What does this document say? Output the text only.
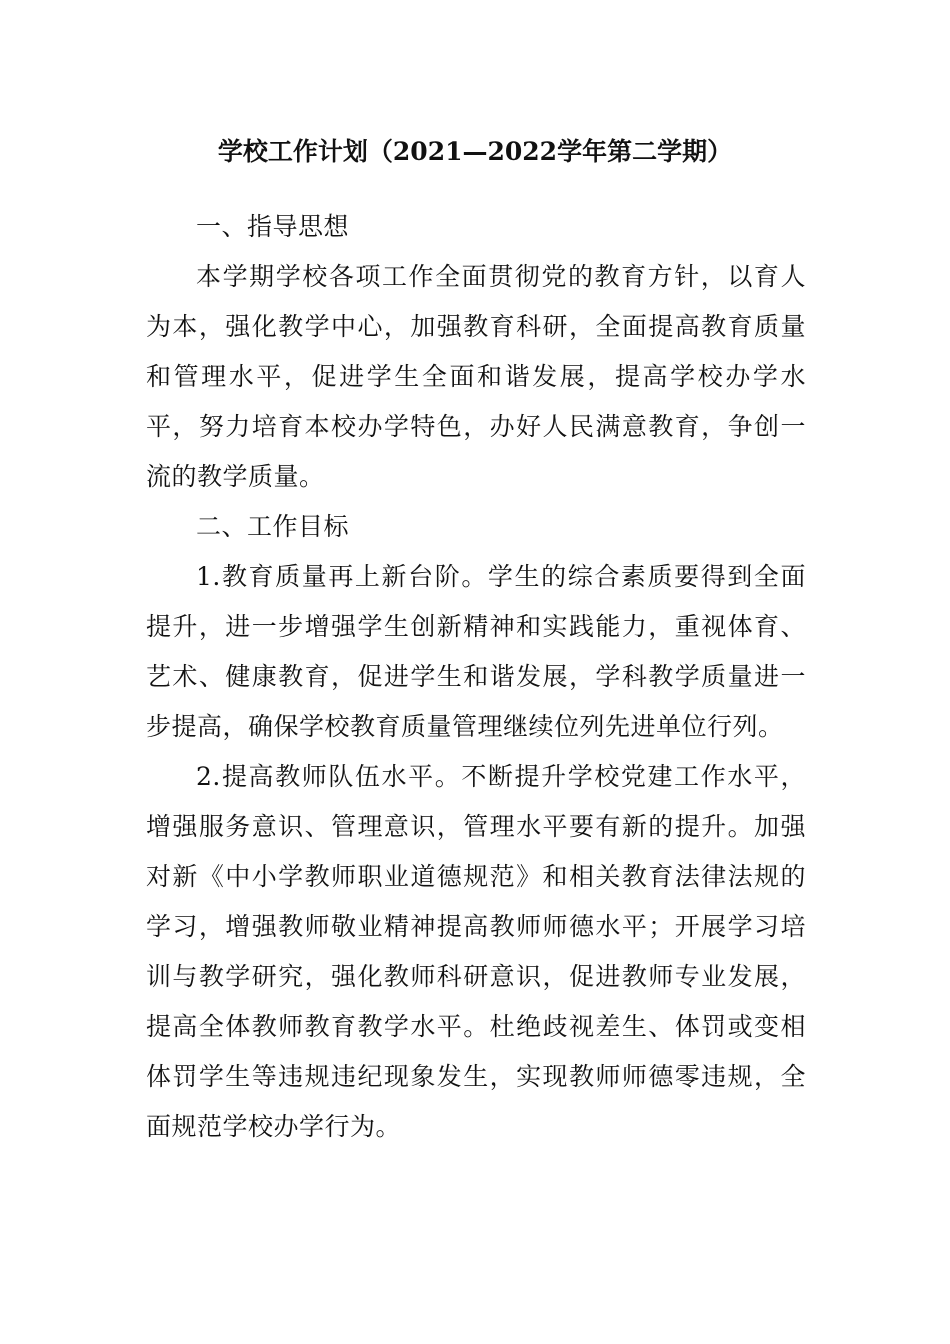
学校工作计划（2021—2022学年第二学期）

一、指导思想

本学期学校各项工作全面贯彻党的教育方针，以育人为本，强化教学中心，加强教育科研，全面提高教育质量和管理水平，促进学生全面和谐发展，提高学校办学水平，努力培育本校办学特色，办好人民满意教育，争创一流的教学质量。

二、工作目标

1.教育质量再上新台阶。学生的综合素质要得到全面提升，进一步增强学生创新精神和实践能力，重视体育、艺术、健康教育，促进学生和谐发展，学科教学质量进一步提高，确保学校教育质量管理继续位列先进单位行列。

2.提高教师队伍水平。不断提升学校党建工作水平，增强服务意识、管理意识，管理水平要有新的提升。加强对新《中小学教师职业道德规范》和相关教育法律法规的学习，增强教师敬业精神提高教师师德水平；开展学习培训与教学研究，强化教师科研意识，促进教师专业发展，提高全体教师教育教学水平。杜绝歧视差生、体罚或变相体罚学生等违规违纪现象发生，实现教师师德零违规，全面规范学校办学行为。
